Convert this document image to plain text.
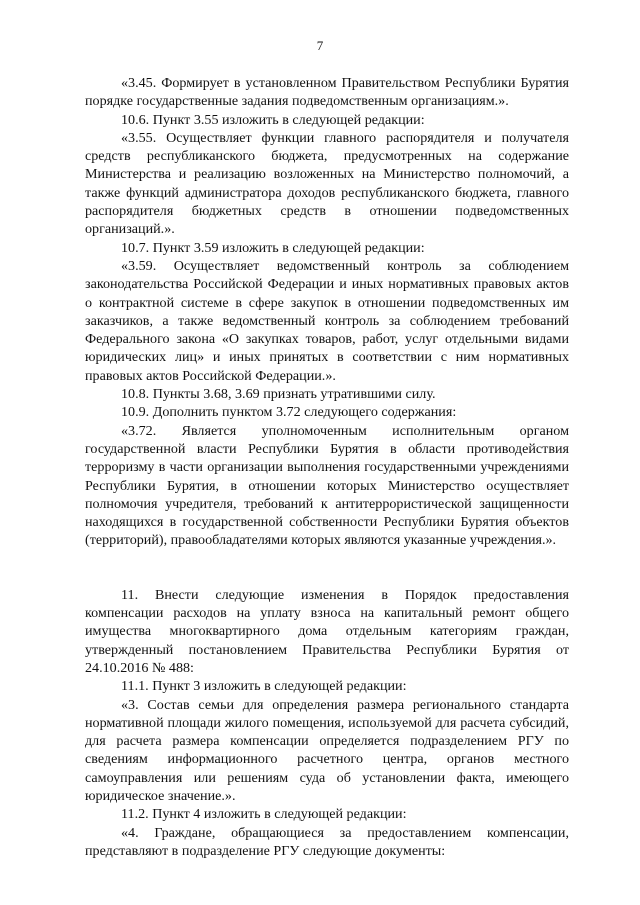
7

«3.45. Формирует в установленном Правительством Республики Бурятия порядке государственные задания подведомственным организациям.».

10.6. Пункт 3.55 изложить в следующей редакции:

«3.55. Осуществляет функции главного распорядителя и получателя средств республиканского бюджета, предусмотренных на содержание Министерства и реализацию возложенных на Министерство полномочий, а также функций администратора доходов республиканского бюджета, главного распорядителя бюджетных средств в отношении подведомственных организаций.».

10.7. Пункт 3.59 изложить в следующей редакции:

«3.59. Осуществляет ведомственный контроль за соблюдением законодательства Российской Федерации и иных нормативных правовых актов о контрактной системе в сфере закупок в отношении подведомственных им заказчиков, а также ведомственный контроль за соблюдением требований Федерального закона «О закупках товаров, работ, услуг отдельными видами юридических лиц» и иных принятых в соответствии с ним нормативных правовых актов Российской Федерации.».

10.8. Пункты 3.68, 3.69 признать утратившими силу.

10.9. Дополнить пунктом 3.72 следующего содержания:

«3.72. Является уполномоченным исполнительным органом государственной власти Республики Бурятия в области противодействия терроризму в части организации выполнения государственными учреждениями Республики Бурятия, в отношении которых Министерство осуществляет полномочия учредителя, требований к антитеррористической защищенности находящихся в государственной собственности Республики Бурятия объектов (территорий), правообладателями которых являются указанные учреждения.».

11. Внести следующие изменения в Порядок предоставления компенсации расходов на уплату взноса на капитальный ремонт общего имущества многоквартирного дома отдельным категориям граждан, утвержденный постановлением Правительства Республики Бурятия от 24.10.2016 № 488:

11.1. Пункт 3 изложить в следующей редакции:

«3. Состав семьи для определения размера регионального стандарта нормативной площади жилого помещения, используемой для расчета субсидий, для расчета размера компенсации определяется подразделением РГУ по сведениям информационного расчетного центра, органов местного самоуправления или решениям суда об установлении факта, имеющего юридическое значение.».

11.2. Пункт 4 изложить в следующей редакции:

«4. Граждане, обращающиеся за предоставлением компенсации, представляют в подразделение РГУ следующие документы:
